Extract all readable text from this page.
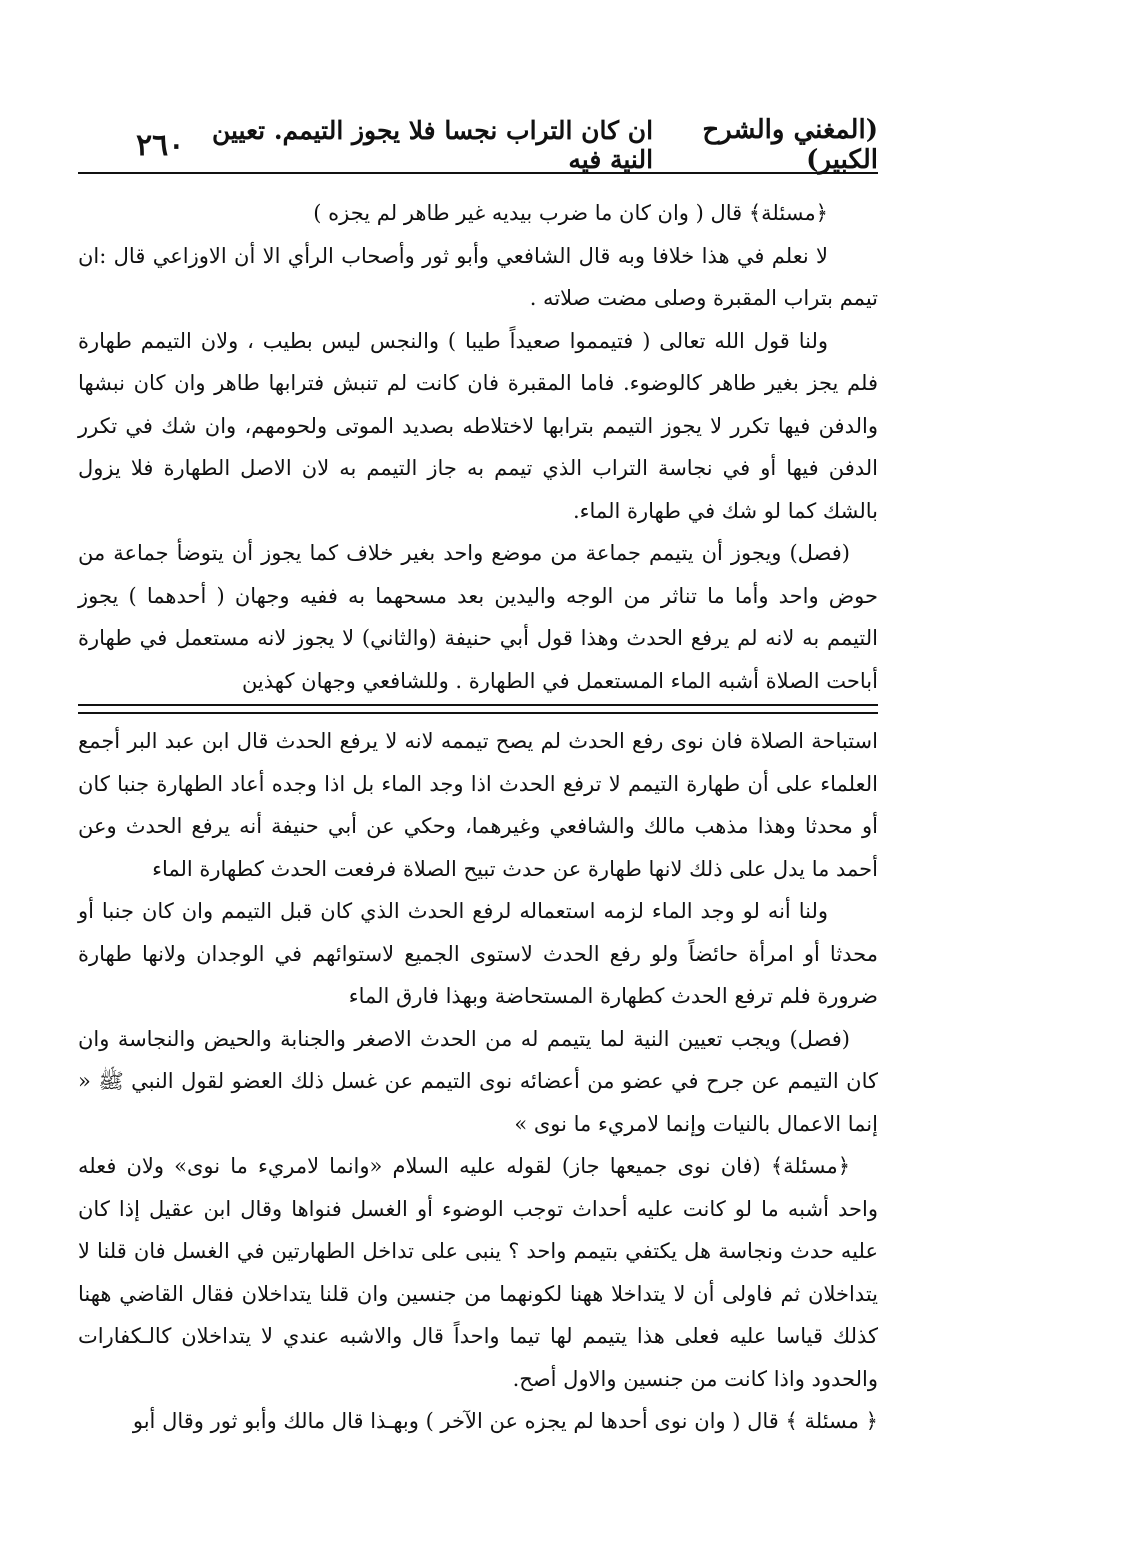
٢٦٠	ان كان التراب نجسا فلا يجوز التيمم. تعيين النية فيه
(المغني والشرح الكبير)

﴿مسئلة﴾ قال ( وان كان ما ضرب بيديه غير طاهر لم يجزه )

لا نعلم في هذا خلافا وبه قال الشافعي وأبو ثور وأصحاب الرأي الا أن الاوزاعي قال :ان تيمم بتراب المقبرة وصلى مضت صلاته .

ولنا قول الله تعالى ( فتيمموا صعيداً طيبا ) والنجس ليس بطيب ، ولان التيمم طهارة فلم يجز بغير طاهر كالوضوء. فاما المقبرة فان كانت لم تنبش فترابها طاهر وان كان نبشها والدفن فيها تكرر لا يجوز التيمم بترابها لاختلاطه بصديد الموتى ولحومهم، وان شك في تكرر الدفن فيها أو في نجاسة التراب الذي تيمم به جاز التيمم به لان الاصل الطهارة فلا يزول بالشك كما لو شك في طهارة الماء.

(فصل) ويجوز أن يتيمم جماعة من موضع واحد بغير خلاف كما يجوز أن يتوضأ جماعة من حوض واحد وأما ما تناثر من الوجه واليدين بعد مسحهما به ففيه وجهان ( أحدهما ) يجوز التيمم به لانه لم يرفع الحدث وهذا قول أبي حنيفة (والثاني) لا يجوز لانه مستعمل في طهارة أباحت الصلاة أشبه الماء المستعمل في الطهارة . وللشافعي وجهان كهذين

استباحة الصلاة فان نوى رفع الحدث لم يصح تيممه لانه لا يرفع الحدث قال ابن عبد البر أجمع العلماء على أن طهارة التيمم لا ترفع الحدث اذا وجد الماء بل اذا وجده أعاد الطهارة جنبا كان أو محدثا وهذا مذهب مالك والشافعي وغيرهما، وحكي عن أبي حنيفة أنه يرفع الحدث وعن أحمد ما يدل على ذلك لانها طهارة عن حدث تبيح الصلاة فرفعت الحدث كطهارة الماء

ولنا أنه لو وجد الماء لزمه استعماله لرفع الحدث الذي كان قبل التيمم وان كان جنبا أو محدثا أو امرأة حائضاً ولو رفع الحدث لاستوى الجميع لاستوائهم في الوجدان ولانها طهارة ضرورة فلم ترفع الحدث كطهارة المستحاضة وبهذا فارق الماء

(فصل) ويجب تعيين النية لما يتيمم له من الحدث الاصغر والجنابة والحيض والنجاسة وان كان التيمم عن جرح في عضو من أعضائه نوى التيمم عن غسل ذلك العضو لقول النبي ﷺ « إنما الاعمال بالنيات وإنما لامريء ما نوى »

﴿مسئلة﴾ (فان نوى جميعها جاز) لقوله عليه السلام «وانما لامريء ما نوى» ولان فعله واحد أشبه ما لو كانت عليه أحداث توجب الوضوء أو الغسل فنواها وقال ابن عقيل إذا كان عليه حدث ونجاسة هل يكتفي بتيمم واحد ؟ ينبى على تداخل الطهارتين في الغسل فان قلنا لا يتداخلان ثم فاولى أن لا يتداخلا ههنا لكونهما من جنسين وان قلنا يتداخلان فقال القاضي ههنا كذلك قياسا عليه فعلى هذا يتيمم لها تيما واحداً قال والاشبه عندي لا يتداخلان كالـكفارات والحدود واذا كانت من جنسين والاول أصح.

﴿ مسئلة ﴾ قال ( وان نوى أحدها لم يجزه عن الآخر ) وبهـذا قال مالك وأبو ثور وقال أبو
